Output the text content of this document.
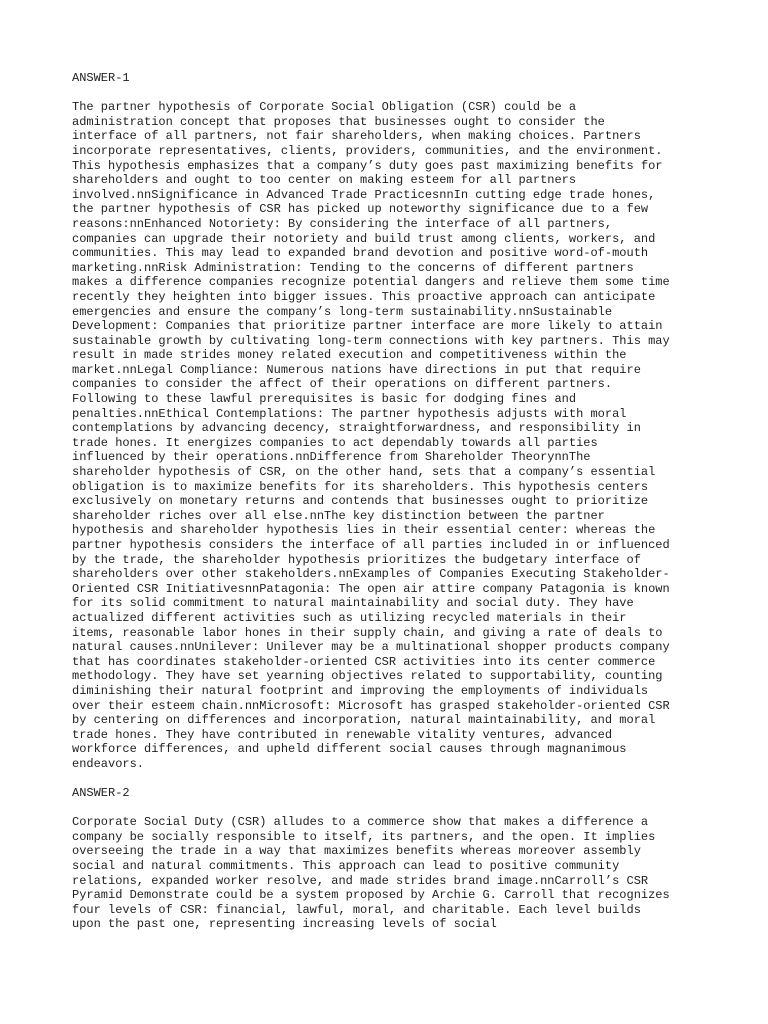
ANSWER-1
The partner hypothesis of Corporate Social Obligation (CSR) could be a
administration concept that proposes that businesses ought to consider the
interface of all partners, not fair shareholders, when making choices. Partners
incorporate representatives, clients, providers, communities, and the environment.
This hypothesis emphasizes that a company’s duty goes past maximizing benefits for
shareholders and ought to too center on making esteem for all partners
involved.nnSignificance in Advanced Trade PracticesnnIn cutting edge trade hones,
the partner hypothesis of CSR has picked up noteworthy significance due to a few
reasons:nnEnhanced Notoriety: By considering the interface of all partners,
companies can upgrade their notoriety and build trust among clients, workers, and
communities. This may lead to expanded brand devotion and positive word-of-mouth
marketing.nnRisk Administration: Tending to the concerns of different partners
makes a difference companies recognize potential dangers and relieve them some time
recently they heighten into bigger issues. This proactive approach can anticipate
emergencies and ensure the company’s long-term sustainability.nnSustainable
Development: Companies that prioritize partner interface are more likely to attain
sustainable growth by cultivating long-term connections with key partners. This may
result in made strides money related execution and competitiveness within the
market.nnLegal Compliance: Numerous nations have directions in put that require
companies to consider the affect of their operations on different partners.
Following to these lawful prerequisites is basic for dodging fines and
penalties.nnEthical Contemplations: The partner hypothesis adjusts with moral
contemplations by advancing decency, straightforwardness, and responsibility in
trade hones. It energizes companies to act dependably towards all parties
influenced by their operations.nnDifference from Shareholder TheorynnThe
shareholder hypothesis of CSR, on the other hand, sets that a company’s essential
obligation is to maximize benefits for its shareholders. This hypothesis centers
exclusively on monetary returns and contends that businesses ought to prioritize
shareholder riches over all else.nnThe key distinction between the partner
hypothesis and shareholder hypothesis lies in their essential center: whereas the
partner hypothesis considers the interface of all parties included in or influenced
by the trade, the shareholder hypothesis prioritizes the budgetary interface of
shareholders over other stakeholders.nnExamples of Companies Executing Stakeholder-
Oriented CSR InitiativesnnPatagonia: The open air attire company Patagonia is known
for its solid commitment to natural maintainability and social duty. They have
actualized different activities such as utilizing recycled materials in their
items, reasonable labor hones in their supply chain, and giving a rate of deals to
natural causes.nnUnilever: Unilever may be a multinational shopper products company
that has coordinates stakeholder-oriented CSR activities into its center commerce
methodology. They have set yearning objectives related to supportability, counting
diminishing their natural footprint and improving the employments of individuals
over their esteem chain.nnMicrosoft: Microsoft has grasped stakeholder-oriented CSR
by centering on differences and incorporation, natural maintainability, and moral
trade hones. They have contributed in renewable vitality ventures, advanced
workforce differences, and upheld different social causes through magnanimous
endeavors.
ANSWER-2
Corporate Social Duty (CSR) alludes to a commerce show that makes a difference a
company be socially responsible to itself, its partners, and the open. It implies
overseeing the trade in a way that maximizes benefits whereas moreover assembly
social and natural commitments. This approach can lead to positive community
relations, expanded worker resolve, and made strides brand image.nnCarroll’s CSR
Pyramid Demonstrate could be a system proposed by Archie G. Carroll that recognizes
four levels of CSR: financial, lawful, moral, and charitable. Each level builds
upon the past one, representing increasing levels of social
